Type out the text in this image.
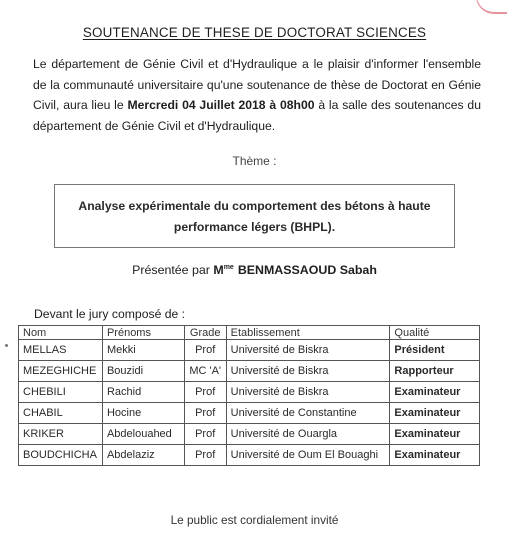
SOUTENANCE DE THESE DE DOCTORAT SCIENCES
Le département de Génie Civil et d'Hydraulique a le plaisir d'informer l'ensemble de la communauté universitaire qu'une soutenance de thèse de Doctorat en Génie Civil, aura lieu le Mercredi 04 Juillet 2018 à 08h00 à la salle des soutenances du département de Génie Civil et d'Hydraulique.
Thème :
Analyse expérimentale du comportement des bétons à haute performance légers (BHPL).
Présentée par $M^{me}$ BENMASSAOUD Sabah
Devant le jury composé de :
Nom	Prénoms	Grade	Etablissement	Qualité
MELLAS	Mekki	Prof	Université de Biskra	Président
MEZEGHICHE	Bouzidi	MC 'A'	Université de Biskra	Rapporteur
CHEBILI	Rachid	Prof	Université de Biskra	Examinateur
CHABIL	Hocine	Prof	Université de Constantine	Examinateur
KRIKER	Abdelouahed	Prof	Université de Ouargla	Examinateur
BOUDCHICHA	Abdelaziz	Prof	Université de Oum El Bouaghi	Examinateur
Le public est cordialement invité
